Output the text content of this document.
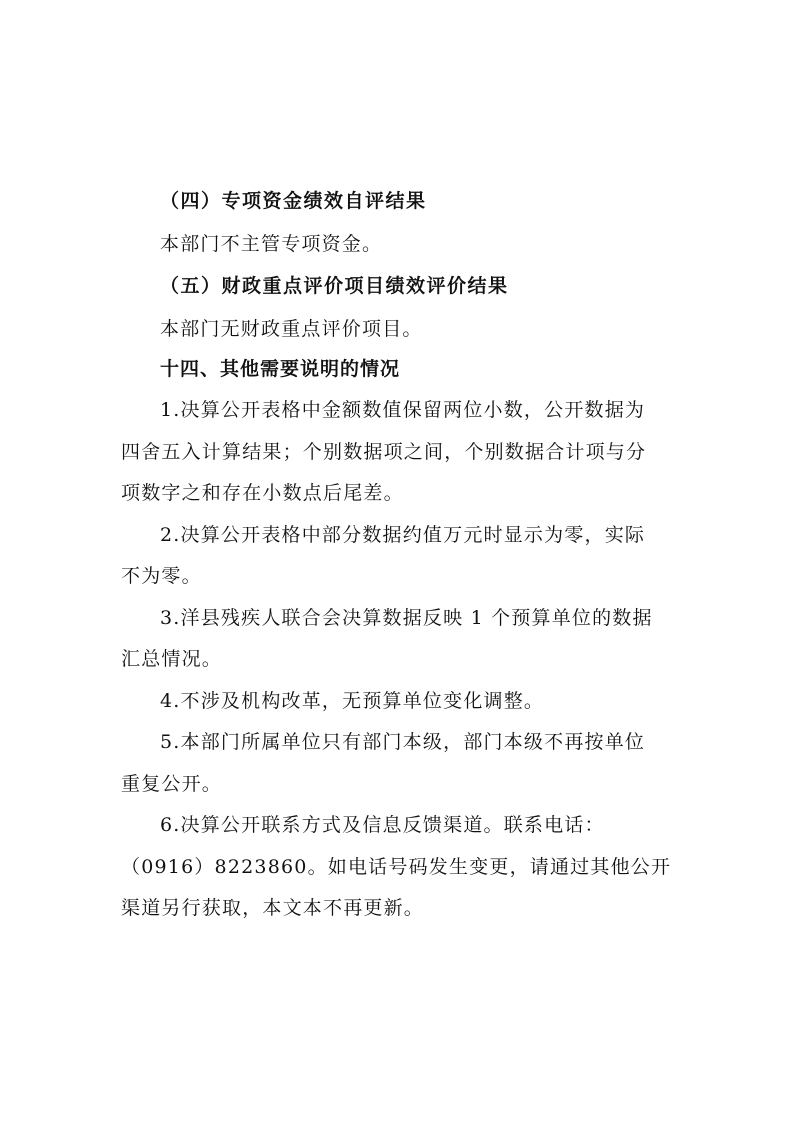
（四）专项资金绩效自评结果
本部门不主管专项资金。
（五）财政重点评价项目绩效评价结果
本部门无财政重点评价项目。
十四、其他需要说明的情况
1.决算公开表格中金额数值保留两位小数，公开数据为
四舍五入计算结果；个别数据项之间，个别数据合计项与分
项数字之和存在小数点后尾差。
2.决算公开表格中部分数据约值万元时显示为零，实际
不为零。
3.洋县残疾人联合会决算数据反映 1 个预算单位的数据
汇总情况。
4.不涉及机构改革，无预算单位变化调整。
5.本部门所属单位只有部门本级，部门本级不再按单位
重复公开。
6.决算公开联系方式及信息反馈渠道。联系电话：
（0916）8223860。如电话号码发生变更，请通过其他公开
渠道另行获取，本文本不再更新。
